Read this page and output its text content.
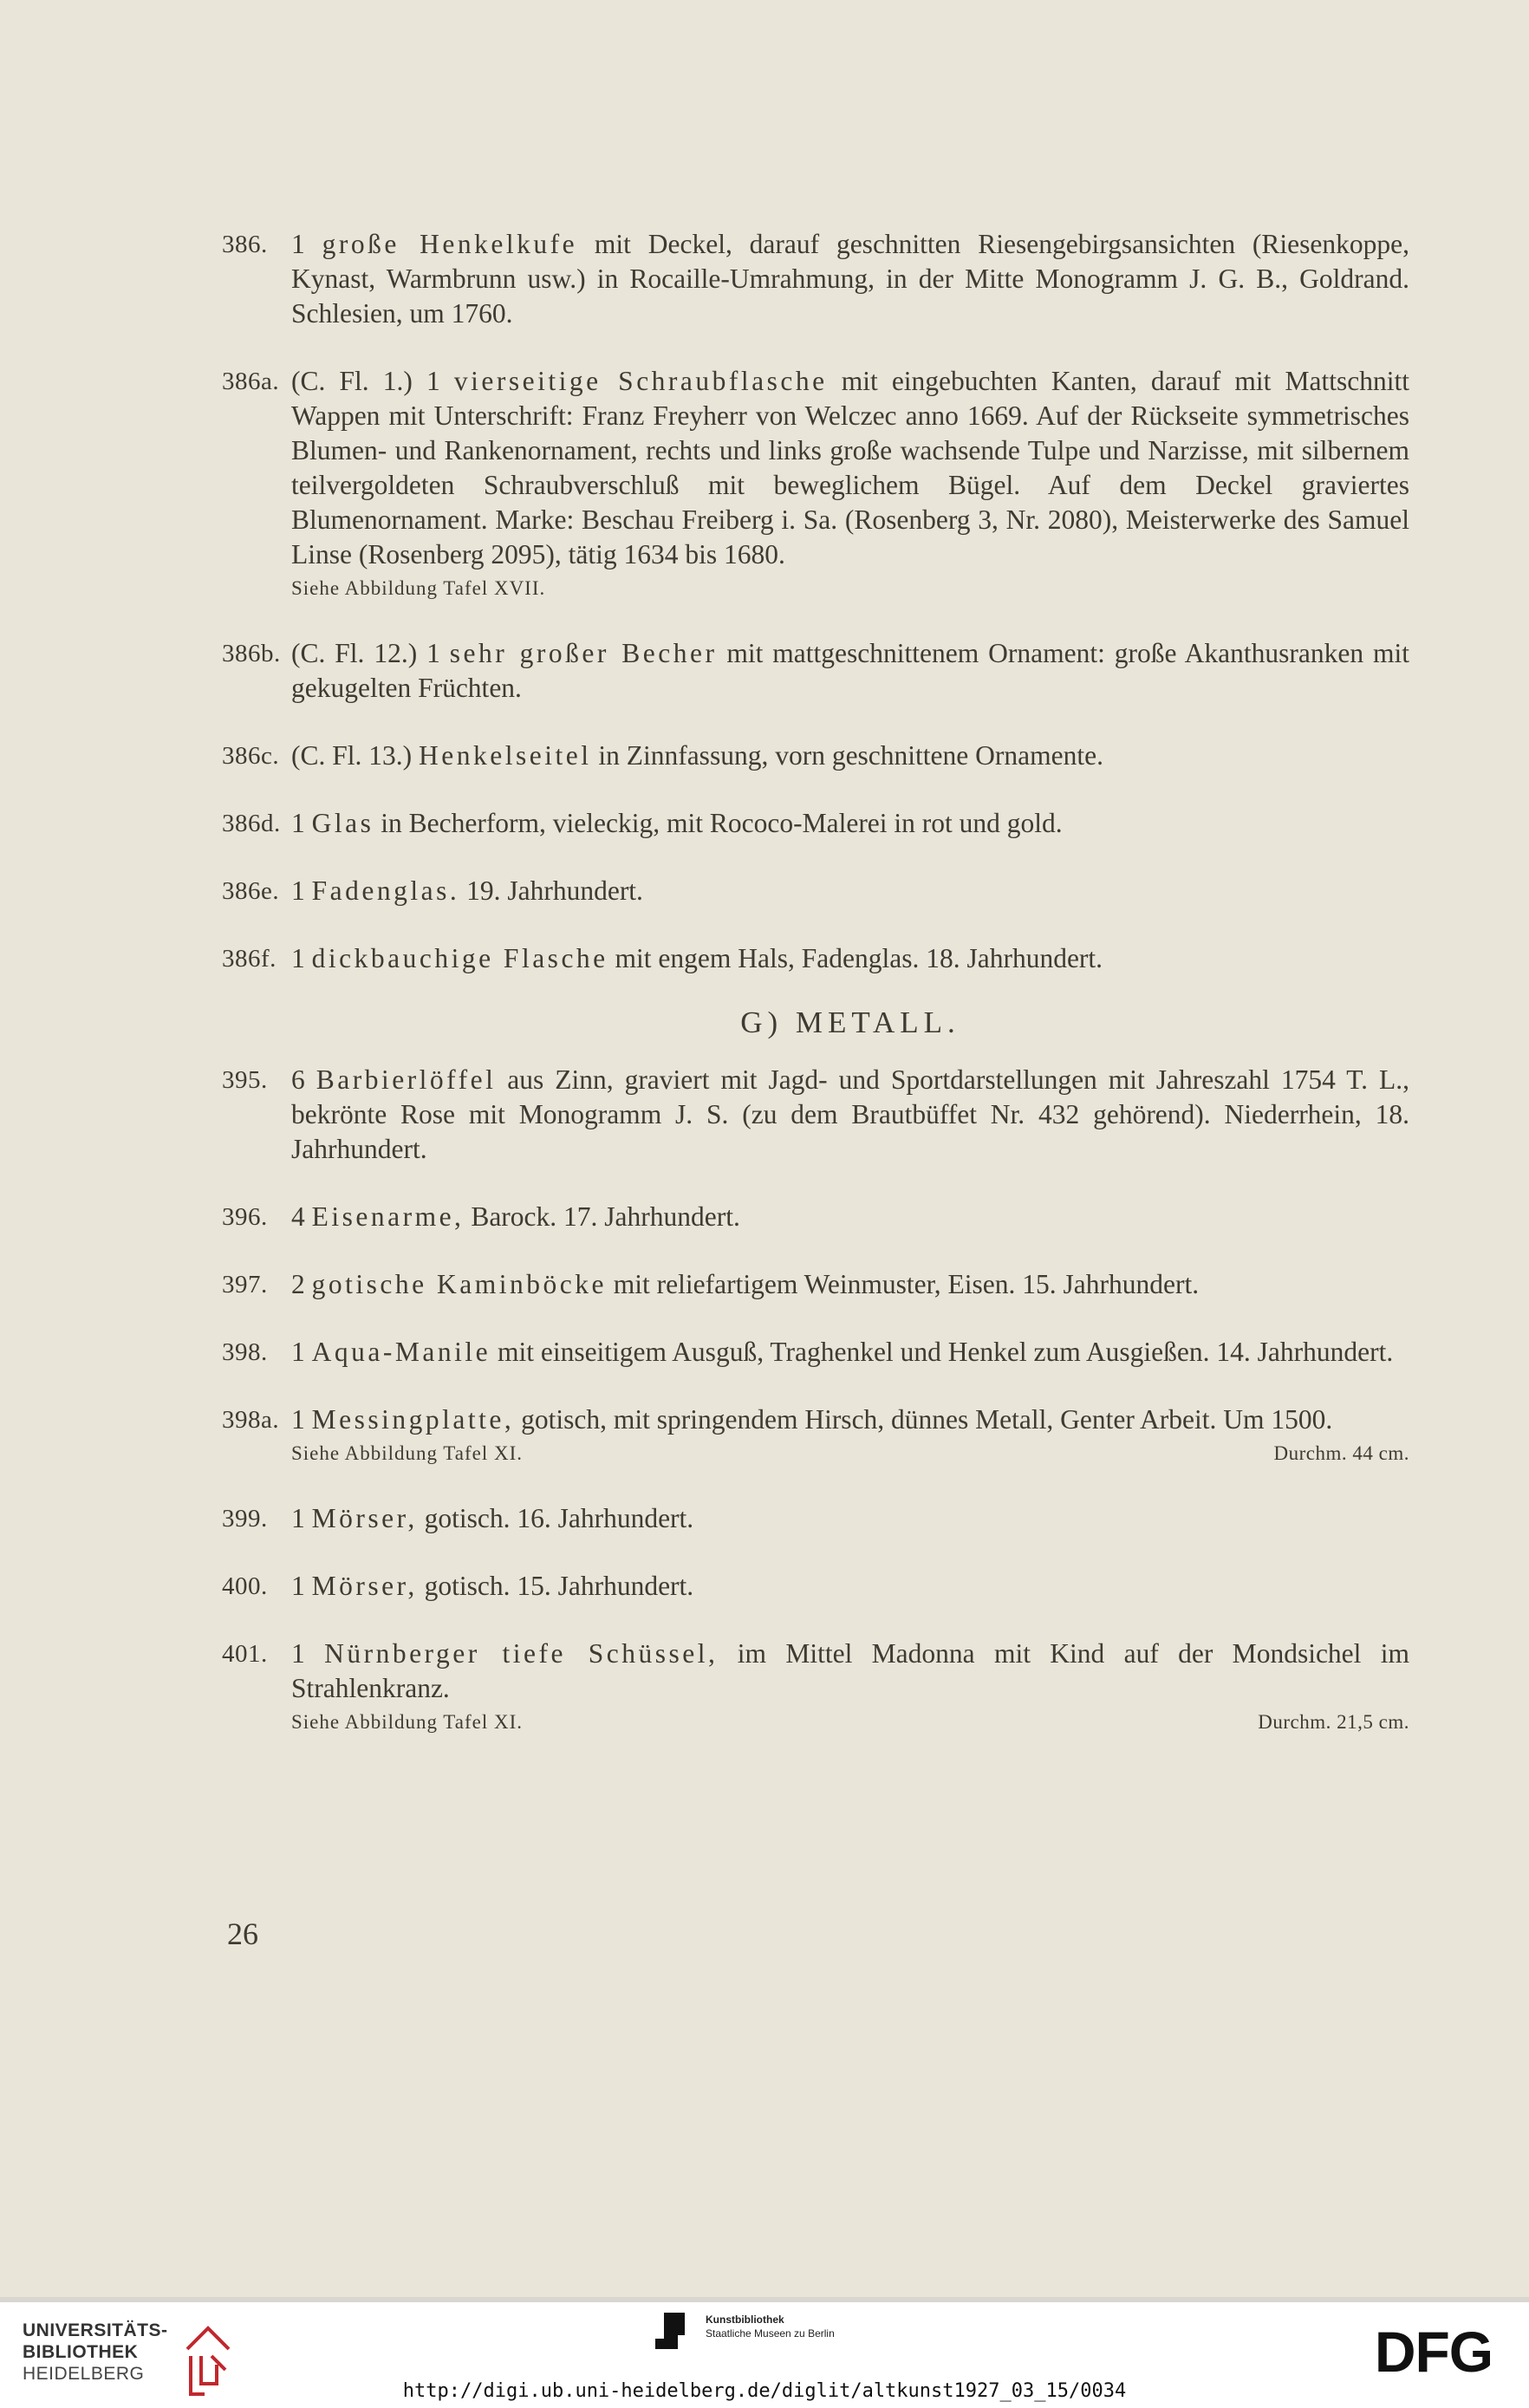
386. 1 große Henkelkufe mit Deckel, darauf geschnitten Riesengebirgsansichten (Riesenkoppe, Kynast, Warmbrunn usw.) in Rocaille-Umrahmung, in der Mitte Monogramm J. G. B., Goldrand. Schlesien, um 1760.
386a. (C. Fl. 1.) 1 vierseitige Schraubflasche mit eingebuchten Kanten, darauf mit Mattschnitt Wappen mit Unterschrift: Franz Freyherr von Welczec anno 1669. Auf der Rückseite symmetrisches Blumen- und Rankenornament, rechts und links große wachsende Tulpe und Narzisse, mit silbernem teilvergoldeten Schraubverschluß mit beweglichem Bügel. Auf dem Deckel graviertes Blumenornament. Marke: Beschau Freiberg i. Sa. (Rosenberg 3, Nr. 2080), Meisterwerke des Samuel Linse (Rosenberg 2095), tätig 1634 bis 1680.
Siehe Abbildung Tafel XVII.
386b. (C. Fl. 12.) 1 sehr großer Becher mit mattgeschnittenem Ornament: große Akanthusranken mit gekugelten Früchten.
386c. (C. Fl. 13.) Henkelseitel in Zinnfassung, vorn geschnittene Ornamente.
386d. 1 Glas in Becherform, vieleckig, mit Rococo-Malerei in rot und gold.
386e. 1 Fadenglas. 19. Jahrhundert.
386f. 1 dickbauchige Flasche mit engem Hals, Fadenglas. 18. Jahrhundert.
G) METALL.
395. 6 Barbierlöffel aus Zinn, graviert mit Jagd- und Sportdarstellungen mit Jahreszahl 1754 T. L., bekrönte Rose mit Monogramm J. S. (zu dem Brautbüffet Nr. 432 gehörend). Niederrhein, 18. Jahrhundert.
396. 4 Eisenarme, Barock. 17. Jahrhundert.
397. 2 gotische Kaminböcke mit reliefartigem Weinmuster, Eisen. 15. Jahrhundert.
398. 1 Aqua-Manile mit einseitigem Ausguß, Traghenkel und Henkel zum Ausgießen. 14. Jahrhundert.
398a. 1 Messingplatte, gotisch, mit springendem Hirsch, dünnes Metall, Genter Arbeit. Um 1500.
Siehe Abbildung Tafel XI.	Durchm. 44 cm.
399. 1 Mörser, gotisch. 16. Jahrhundert.
400. 1 Mörser, gotisch. 15. Jahrhundert.
401. 1 Nürnberger tiefe Schüssel, im Mittel Madonna mit Kind auf der Mondsichel im Strahlenkranz.
Siehe Abbildung Tafel XI.	Durchm. 21,5 cm.
26
UNIVERSITÄTS-
BIBLIOTHEK
HEIDELBERG
Kunstbibliothek
Staatliche Museen zu Berlin	DFG
http://digi.ub.uni-heidelberg.de/diglit/altkunst1927_03_15/0034
